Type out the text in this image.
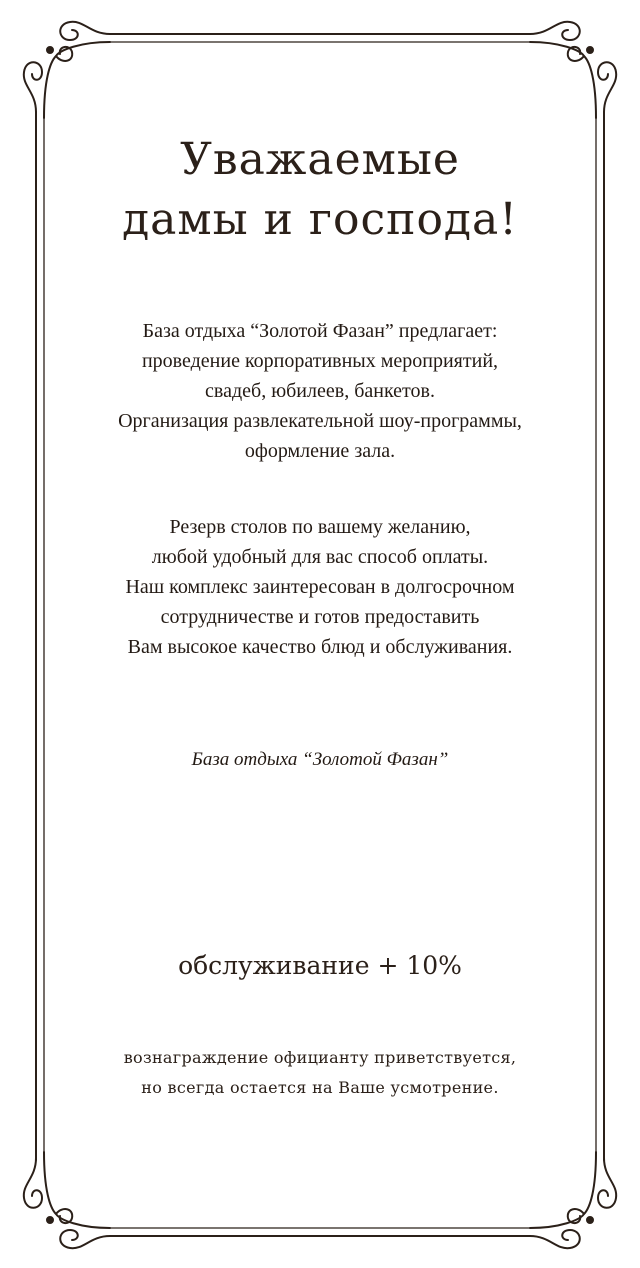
Уважаемые
дамы и господа!
База отдыха “Золотой Фазан” предлагает:
проведение корпоративных мероприятий,
свадеб, юбилеев, банкетов.
Организация развлекательной шоу-программы,
оформление зала.
Резерв столов по вашему желанию,
любой удобный для вас способ оплаты.
Наш комплекс заинтересован в долгосрочном
сотрудничестве и готов предоставить
Вам высокое качество блюд и обслуживания.
База отдыха “Золотой Фазан”
обслуживание + 10%
вознаграждение официанту приветствуется,
но всегда остается на Ваше усмотрение.
